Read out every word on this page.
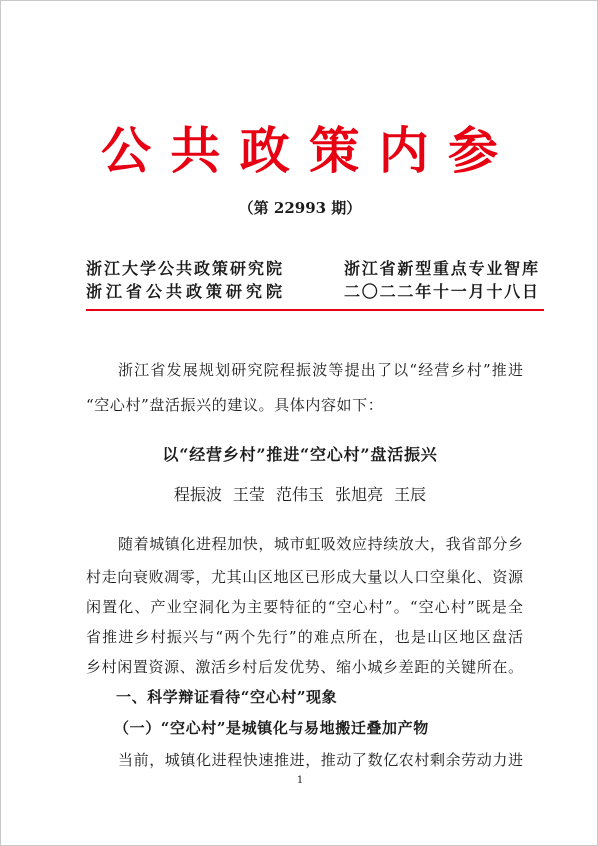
公共政策内参
（第 22993 期）
浙江大学公共政策研究院
浙江省公共政策研究院
浙江省新型重点专业智库
二〇二二年十一月十八日
浙江省发展规划研究院程振波等提出了以“经营乡村”推进
“空心村”盘活振兴的建议。具体内容如下：
以“经营乡村”推进“空心村”盘活振兴
程振波 王莹 范伟玉 张旭亮 王辰
随着城镇化进程加快，城市虹吸效应持续放大，我省部分乡
村走向衰败凋零，尤其山区地区已形成大量以人口空巢化、资源
闲置化、产业空洞化为主要特征的“空心村”。“空心村”既是全
省推进乡村振兴与“两个先行”的难点所在，也是山区地区盘活
乡村闲置资源、激活乡村后发优势、缩小城乡差距的关键所在。
一、科学辩证看待“空心村”现象
（一）“空心村”是城镇化与易地搬迁叠加产物
当前，城镇化进程快速推进，推动了数亿农村剩余劳动力进
1
